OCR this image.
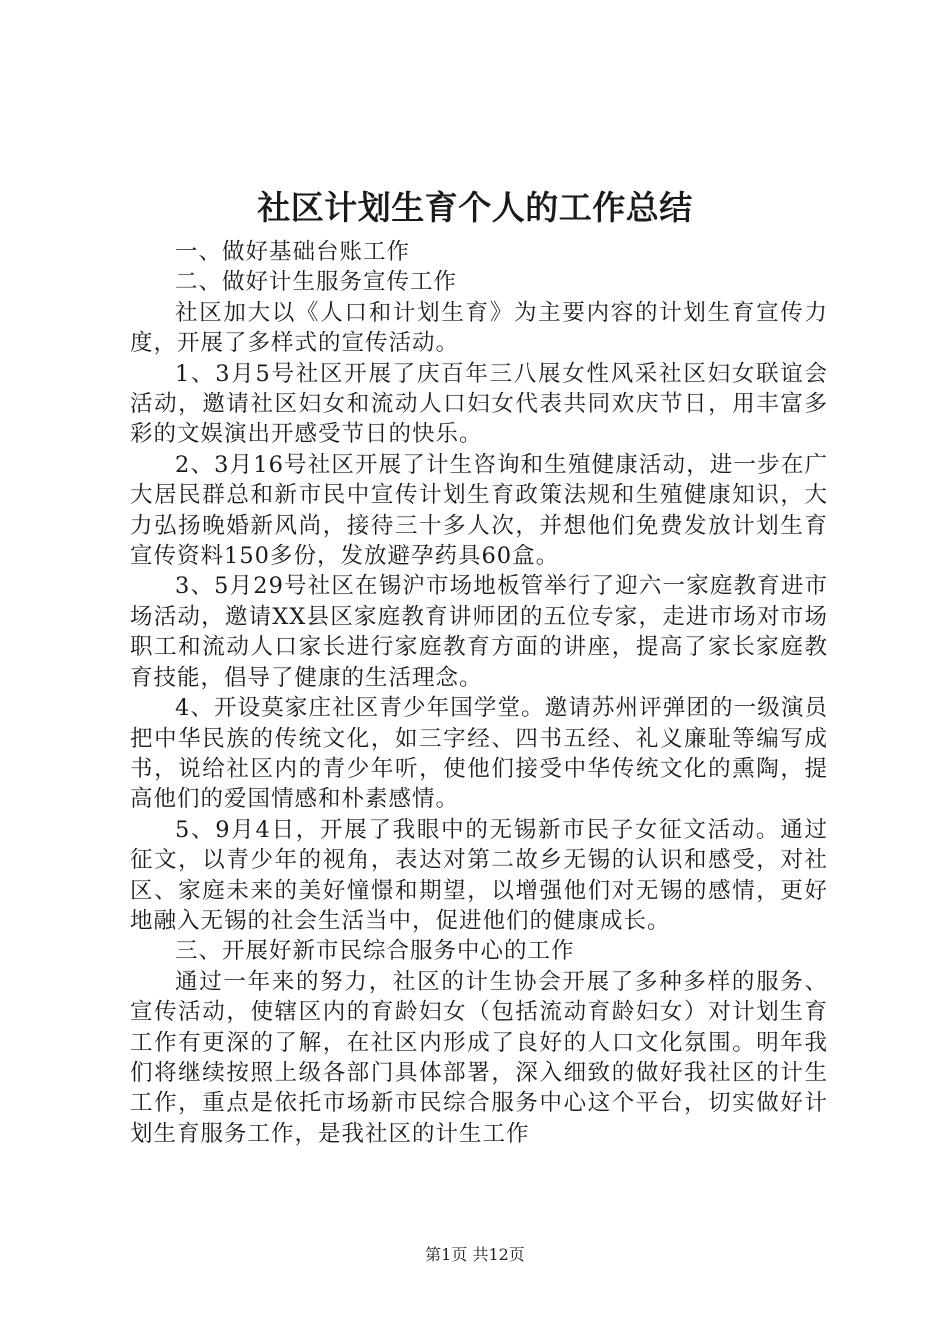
社区计划生育个人的工作总结

一、做好基础台账工作

二、做好计生服务宣传工作

社区加大以《人口和计划生育》为主要内容的计划生育宣传力度，开展了多样式的宣传活动。

1、3月5号社区开展了庆百年三八展女性风采社区妇女联谊会活动，邀请社区妇女和流动人口妇女代表共同欢庆节日，用丰富多彩的文娱演出开感受节日的快乐。

2、3月16号社区开展了计生咨询和生殖健康活动，进一步在广大居民群总和新市民中宣传计划生育政策法规和生殖健康知识，大力弘扬晚婚新风尚，接待三十多人次，并想他们免费发放计划生育宣传资料150多份，发放避孕药具60盒。

3、5月29号社区在锡沪市场地板管举行了迎六一家庭教育进市场活动，邀请XX县区家庭教育讲师团的五位专家，走进市场对市场职工和流动人口家长进行家庭教育方面的讲座，提高了家长家庭教育技能，倡导了健康的生活理念。

4、开设莫家庄社区青少年国学堂。邀请苏州评弹团的一级演员把中华民族的传统文化，如三字经、四书五经、礼义廉耻等编写成书，说给社区内的青少年听，使他们接受中华传统文化的熏陶，提高他们的爱国情感和朴素感情。

5、9月4日，开展了我眼中的无锡新市民子女征文活动。通过征文，以青少年的视角，表达对第二故乡无锡的认识和感受，对社区、家庭未来的美好憧憬和期望，以增强他们对无锡的感情，更好地融入无锡的社会生活当中，促进他们的健康成长。

三、开展好新市民综合服务中心的工作

通过一年来的努力，社区的计生协会开展了多种多样的服务、宣传活动，使辖区内的育龄妇女（包括流动育龄妇女）对计划生育工作有更深的了解，在社区内形成了良好的人口文化氛围。明年我们将继续按照上级各部门具体部署，深入细致的做好我社区的计生工作，重点是依托市场新市民综合服务中心这个平台，切实做好计划生育服务工作，是我社区的计生工作

第1页 共12页
